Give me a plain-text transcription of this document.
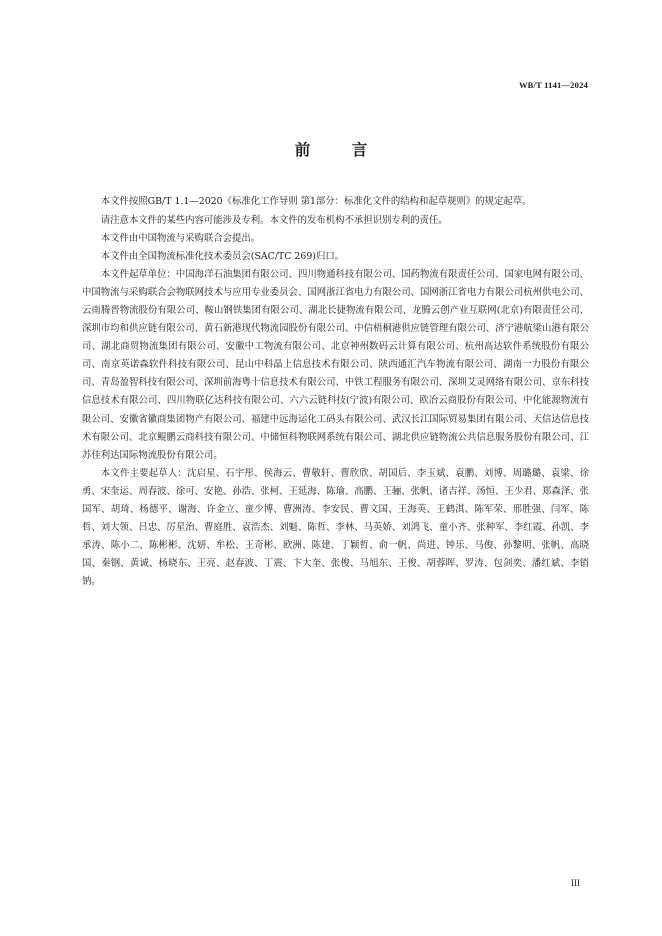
WB/T 1141—2024
前 言

本文件按照GB/T 1.1—2020《标准化工作导则 第1部分：标准化文件的结构和起草规则》的规定起草。

请注意本文件的某些内容可能涉及专利。本文件的发布机构不承担识别专利的责任。

本文件由中国物流与采购联合会提出。

本文件由全国物流标准化技术委员会(SAC/TC 269)归口。

本文件起草单位：中国海洋石油集团有限公司、四川物通科技有限公司、国药物流有限责任公司、国家电网有限公司、中国物流与采购联合会物联网技术与应用专业委员会、国网浙江省电力有限公司、国网浙江省电力有限公司杭州供电公司、云南腾晋物流股份有限公司、鞍山钢铁集团有限公司、湖北长捷物流有限公司、龙腾云创产业互联网(北京)有限责任公司、深圳市均和供应链有限公司、黄石新港现代物流园股份有限公司、中信梧桐港供应链管理有限公司、济宁港航梁山港有限公司、湖北商贸物流集团有限公司、安徽中工物流有限公司、北京神州数码云计算有限公司、杭州高达软件系统股份有限公司、南京英诺森软件科技有限公司、昆山中科晶上信息技术有限公司、陕西通汇汽车物流有限公司、湖南一力股份有限公司、青岛盈智科技有限公司、深圳前海粤十信息技术有限公司、中铁工程服务有限公司、深圳艾灵网络有限公司、京东科技信息技术有限公司、四川物联亿达科技有限公司、六六云链科技(宁波)有限公司、欧冶云商股份有限公司、中化能源物流有限公司、安徽省徽商集团物产有限公司、福建中远海运化工码头有限公司、武汉长江国际贸易集团有限公司、天信达信息技术有限公司、北京鲲鹏云商科技有限公司、中储恒科物联网系统有限公司、湖北供应链物流公共信息服务股份有限公司、江苏佳利达国际物流股份有限公司。

本文件主要起草人：沈启星、石宇彤、侯海云、曹敬轩、曹欣欣、胡国后、李玉斌、袁鹏、刘博、周璐璐、袁梁、徐勇、宋奎运、周春波、徐可、安艳、孙浩、张柯、王延海、陈瑜、高鹏、王骊、张帆、诸吉祥、汤恒、王少君、郑森泽、张国军、胡琦、杨德平、谢海、许金立、童少博、曹洲涛、李安民、曹文国、王海英、王鹤淇、陈军荣、邢胜强、闫军、陈哲、刘大领、吕忠、厉星治、曹庭胜、袁浩杰、刘魁、陈哲、李林、马英娇、刘鸿飞、童小齐、张种军、李红霞、孙凯、李承涛、陈小二、陈彬彬、沈妍、牟松、王奇彬、欧洲、陈建、丁颖哲、俞一帆、尚进、钟乐、马俊、孙黎明、张帆、高晓国、秦钢、黄诚、杨晓东、王亮、赵春波、丁震、卞大奎、张俊、马旭东、王俊、胡蓉晖、罗涛、包剑奕、潘红斌、李销钠。

III
